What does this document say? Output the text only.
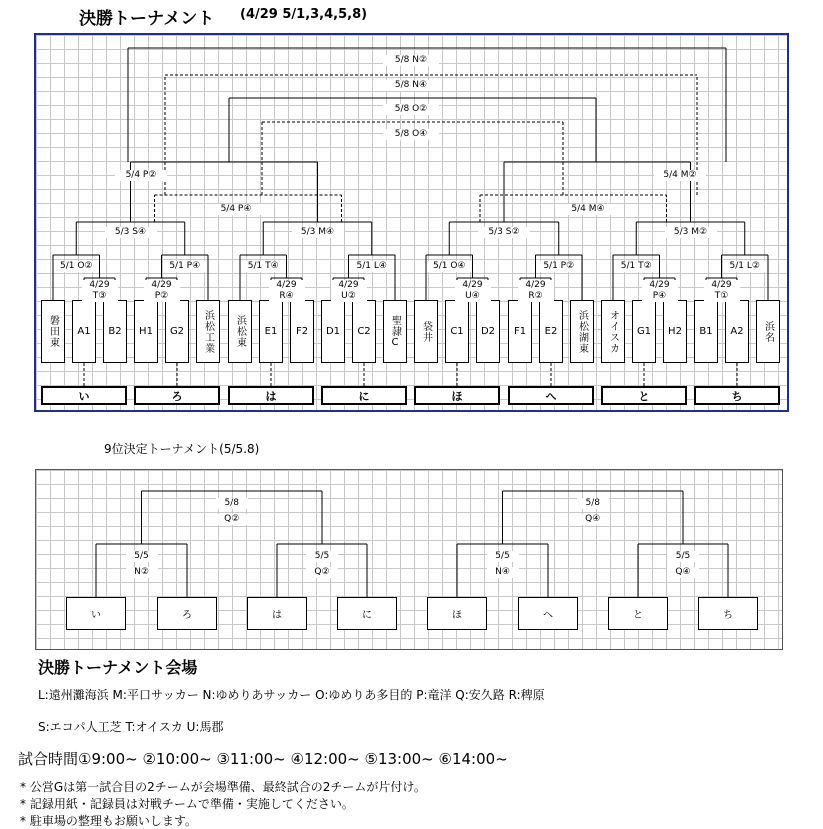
決勝トーナメント (4/29 5/1,3,4,5,8)
磐田東 A1 B2 H1 G2 浜松工業 浜松東 E1 F2 D1 C2 聖隷C 袋井 C1 D2 F1 E2 浜松湖東 オイスカ G1 H2 B1 A2 浜名
4/29
T③
4/29
P②
4/29
R④
4/29
U②
4/29
U④
4/29
R②
4/29
P④
4/29
T①
5/1 O②	5/1 P④	5/1 T④	5/1 L④	5/1 O④	5/1 P②	5/1 T②	5/1 L②
5/3 S④	5/3 M④	5/3 S②	5/3 M②
5/4 P②
5/4 P④	5/4 M④
5/4 M②
5/8 N②
5/8 N④
5/8 O②
5/8 O④
い	ろ	は	に	ほ	へ	と	ち
9位決定トーナメント(5/5.8)
い	ろ	は	に	ほ	へ	と	ち
5/5
N②
5/5
Q②
5/5
N④
5/5
Q④
5/8
Q②
5/8
Q④
決勝トーナメント会場
L:遠州灘海浜 M:平口サッカー N:ゆめりあサッカー O:ゆめりあ多目的 P:竜洋 Q:安久路 R:稗原
S:エコパ人工芝 T:オイスカ U:馬郡
試合時間①9:00~ ②10:00~ ③11:00~ ④12:00~ ⑤13:00~ ⑥14:00~
* 公営Gは第一試合目の2チームが会場準備、最終試合の2チームが片付け。
* 記録用紙・記録員は対戦チームで準備・実施してください。
* 駐車場の整理もお願いします。
